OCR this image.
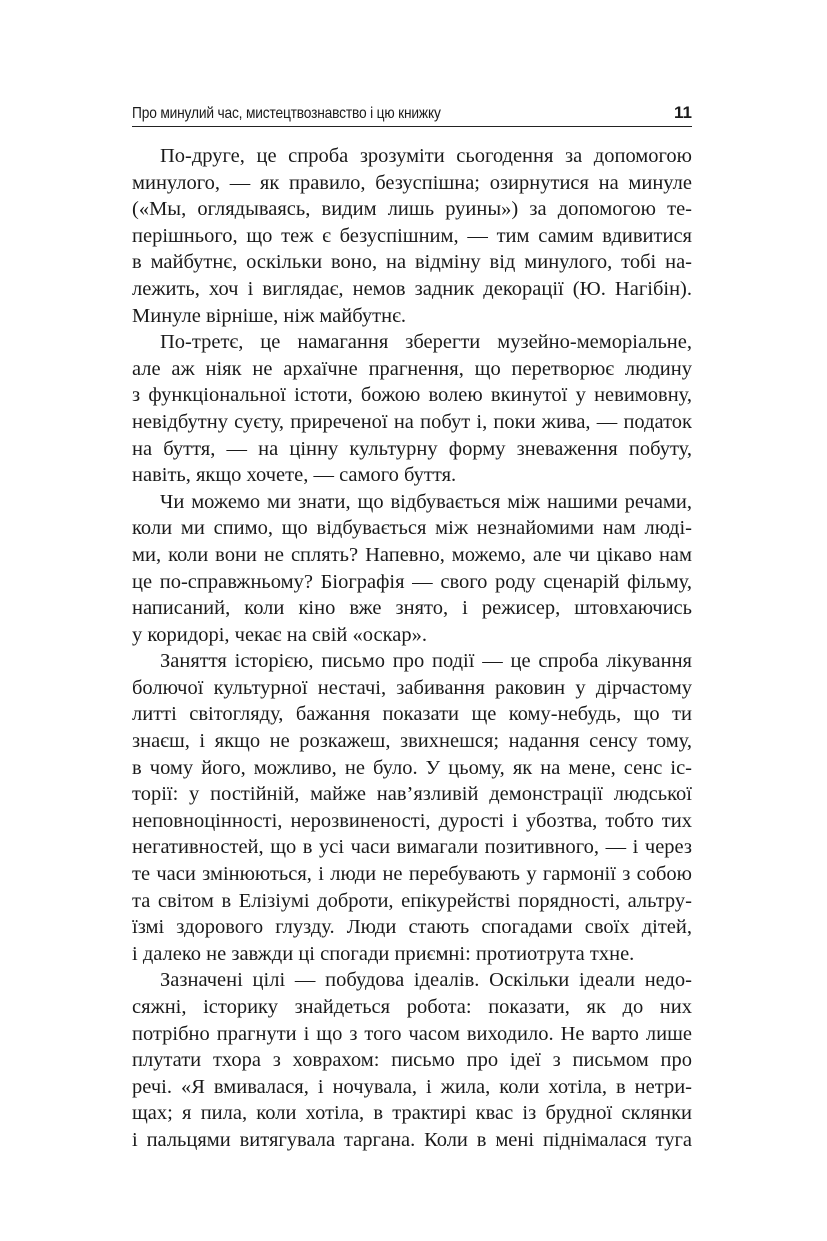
Про минулий час, мистецтвознавство і цю книжку	11
По-друге, це спроба зрозуміти сьогодення за допомогою
минулого, — як правило, безуспішна; озирнутися на минуле
(«Мы, оглядываясь, видим лишь руины») за допомогою те-
перішнього, що теж є безуспішним, — тим самим вдивитися
в майбутнє, оскільки воно, на відміну від минулого, тобі на-
лежить, хоч і виглядає, немов задник декорації (Ю. Нагібін).
Минуле вірніше, ніж майбутнє.
По-третє, це намагання зберегти музейно-меморіальне,
але аж ніяк не архаїчне прагнення, що перетворює людину
з функціональної істоти, божою волею вкинутої у невимовну,
невідбутну суєту, приреченої на побут і, поки жива, — податок
на буття, — на цінну культурну форму зневаження побуту,
навіть, якщо хочете, — самого буття.
Чи можемо ми знати, що відбувається між нашими речами,
коли ми спимо, що відбувається між незнайомими нам люді-
ми, коли вони не сплять? Напевно, можемо, але чи цікаво нам
це по-справжньому? Біографія — свого роду сценарій фільму,
написаний, коли кіно вже знято, і режисер, штовхаючись
у коридорі, чекає на свій «оскар».
Заняття історією, письмо про події — це спроба лікування
болючої культурної нестачі, забивання раковин у дірчастому
литті світогляду, бажання показати ще кому-небудь, що ти
знаєш, і якщо не розкажеш, звихнешся; надання сенсу тому,
в чому його, можливо, не було. У цьому, як на мене, сенс іс-
торії: у постійній, майже нав’язливій демонстрації людської
неповноцінності, нерозвиненості, дурості і убозтва, тобто тих
негативностей, що в усі часи вимагали позитивного, — і через
те часи змінюються, і люди не перебувають у гармонії з собою
та світом в Елізіумі доброти, епікурействі порядності, альтру-
їзмі здорового глузду. Люди стають спогадами своїх дітей,
і далеко не завжди ці спогади приємні: протиотрута тхне.
Зазначені цілі — побудова ідеалів. Оскільки ідеали недо-
сяжні, історику знайдеться робота: показати, як до них
потрібно прагнути і що з того часом виходило. Не варто лише
плутати тхора з ховрахом: письмо про ідеї з письмом про
речі. «Я вмивалася, і ночувала, і жила, коли хотіла, в нетри-
щах; я пила, коли хотіла, в трактирі квас із брудної склянки
і пальцями витягувала таргана. Коли в мені піднімалася туга
